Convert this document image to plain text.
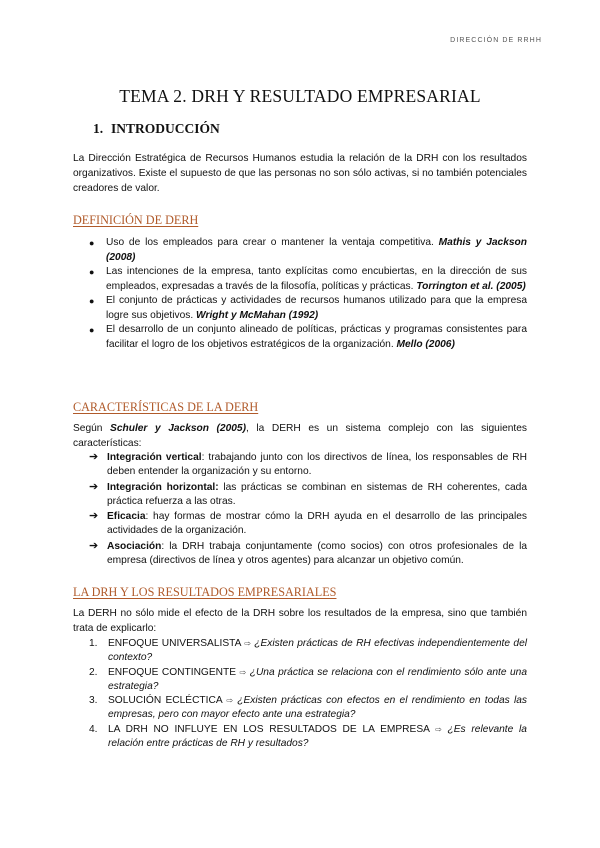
DIRECCIÓN DE RRHH
TEMA 2. DRH Y RESULTADO EMPRESARIAL
1. INTRODUCCIÓN
La Dirección Estratégica de Recursos Humanos estudia la relación de la DRH con los resultados organizativos. Existe el supuesto de que las personas no son sólo activas, si no también potenciales creadores de valor.
DEFINICIÓN DE DERH
● Uso de los empleados para crear o mantener la ventaja competitiva. Mathis y Jackson (2008)
● Las intenciones de la empresa, tanto explícitas como encubiertas, en la dirección de sus empleados, expresadas a través de la filosofía, políticas y prácticas. Torrington et al. (2005)
● El conjunto de prácticas y actividades de recursos humanos utilizado para que la empresa logre sus objetivos. Wright y McMahan (1992)
● El desarrollo de un conjunto alineado de políticas, prácticas y programas consistentes para facilitar el logro de los objetivos estratégicos de la organización. Mello (2006)
CARACTERÍSTICAS DE LA DERH
Según Schuler y Jackson (2005), la DERH es un sistema complejo con las siguientes características:
➔ Integración vertical: trabajando junto con los directivos de línea, los responsables de RH deben entender la organización y su entorno.
➔ Integración horizontal: las prácticas se combinan en sistemas de RH coherentes, cada práctica refuerza a las otras.
➔ Eficacia: hay formas de mostrar cómo la DRH ayuda en el desarrollo de las principales actividades de la organización.
➔ Asociación: la DRH trabaja conjuntamente (como socios) con otros profesionales de la empresa (directivos de línea y otros agentes) para alcanzar un objetivo común.
LA DRH Y LOS RESULTADOS EMPRESARIALES
La DERH no sólo mide el efecto de la DRH sobre los resultados de la empresa, sino que también trata de explicarlo:
1. ENFOQUE UNIVERSALISTA ⇨ ¿Existen prácticas de RH efectivas independientemente del contexto?
2. ENFOQUE CONTINGENTE ⇨ ¿Una práctica se relaciona con el rendimiento sólo ante una estrategia?
3. SOLUCIÓN ECLÉCTICA ⇨ ¿Existen prácticas con efectos en el rendimiento en todas las empresas, pero con mayor efecto ante una estrategia?
4. LA DRH NO INFLUYE EN LOS RESULTADOS DE LA EMPRESA ⇨ ¿Es relevante la relación entre prácticas de RH y resultados?
